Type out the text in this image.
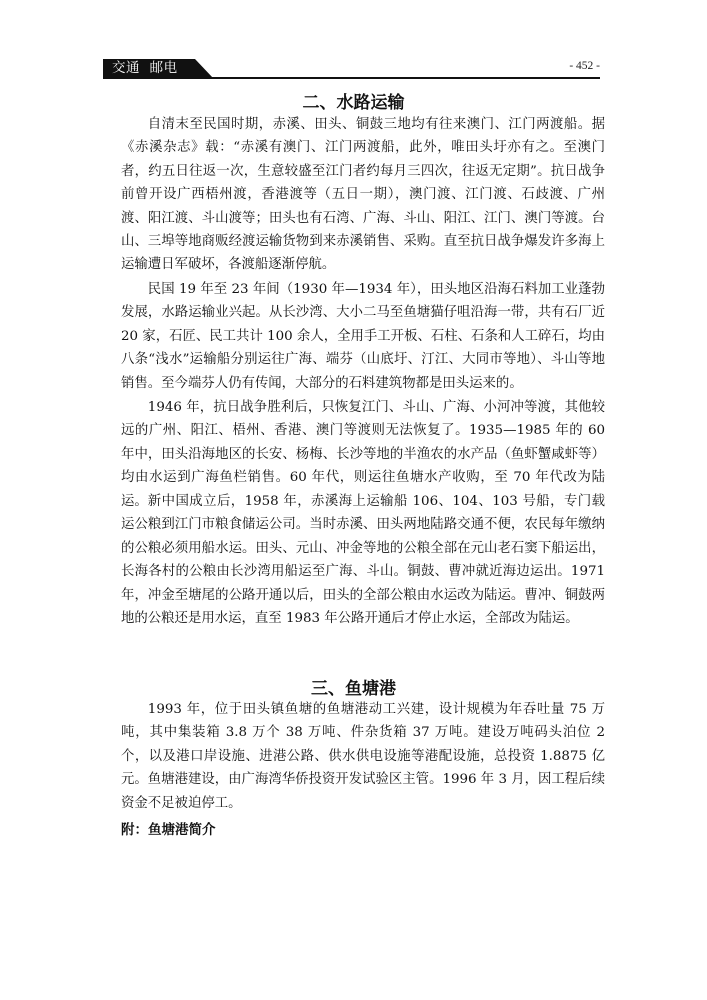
交通  邮电	- 452 -
二、水路运输

自清末至民国时期，赤溪、田头、铜鼓三地均有往来澳门、江门两渡船。据《赤溪杂志》载：“赤溪有澳门、江门两渡船，此外，唯田头圩亦有之。至澳门者，约五日往返一次，生意较盛至江门者约每月三四次，往返无定期”。抗日战争前曾开设广西梧州渡，香港渡等（五日一期），澳门渡、江门渡、石歧渡、广州渡、阳江渡、斗山渡等；田头也有石湾、广海、斗山、阳江、江门、澳门等渡。台山、三埠等地商贩经渡运输货物到来赤溪销售、采购。直至抗日战争爆发许多海上运输遭日军破坏，各渡船逐渐停航。

民国 19 年至 23 年间（1930 年—1934 年），田头地区沿海石料加工业蓬勃发展，水路运输业兴起。从长沙湾、大小二马至鱼塘猫仔咀沿海一带，共有石厂近 20 家，石匠、民工共计 100 余人，全用手工开板、石柱、石条和人工碎石，均由八条“浅水”运输船分别运往广海、端芬（山底圩、汀江、大同市等地）、斗山等地销售。至今端芬人仍有传闻，大部分的石料建筑物都是田头运来的。

1946 年，抗日战争胜利后，只恢复江门、斗山、广海、小河冲等渡，其他较远的广州、阳江、梧州、香港、澳门等渡则无法恢复了。1935—1985 年的 60 年中，田头沿海地区的长安、杨梅、长沙等地的半渔农的水产品（鱼虾蟹咸虾等）均由水运到广海鱼栏销售。60 年代，则运往鱼塘水产收购，至 70 年代改为陆运。 新中国成立后，1958 年，赤溪海上运输船 106、104、103 号船，专门载运公粮到江门市粮食储运公司。当时赤溪、田头两地陆路交通不便，农民每年缴纳的公粮必须用船水运。田头、元山、冲金等地的公粮全部在元山老石窦下船运出，长海各村的公粮由长沙湾用船运至广海、斗山。铜鼓、曹冲就近海边运出。1971 年，冲金至塘尾的公路开通以后，田头的全部公粮由水运改为陆运。曹冲、铜鼓两地的公粮还是用水运，直至 1983 年公路开通后才停止水运，全部改为陆运。

三、鱼塘港

1993 年，位于田头镇鱼塘的鱼塘港动工兴建，设计规模为年吞吐量 75 万吨，其中集装箱 3.8 万个 38 万吨、件杂货箱 37 万吨。建设万吨码头泊位 2 个，以及港口岸设施、进港公路、供水供电设施等港配设施，总投资 1.8875 亿元。鱼塘港建设，由广海湾华侨投资开发试验区主管。1996 年 3 月，因工程后续资金不足被迫停工。

附：鱼塘港简介
